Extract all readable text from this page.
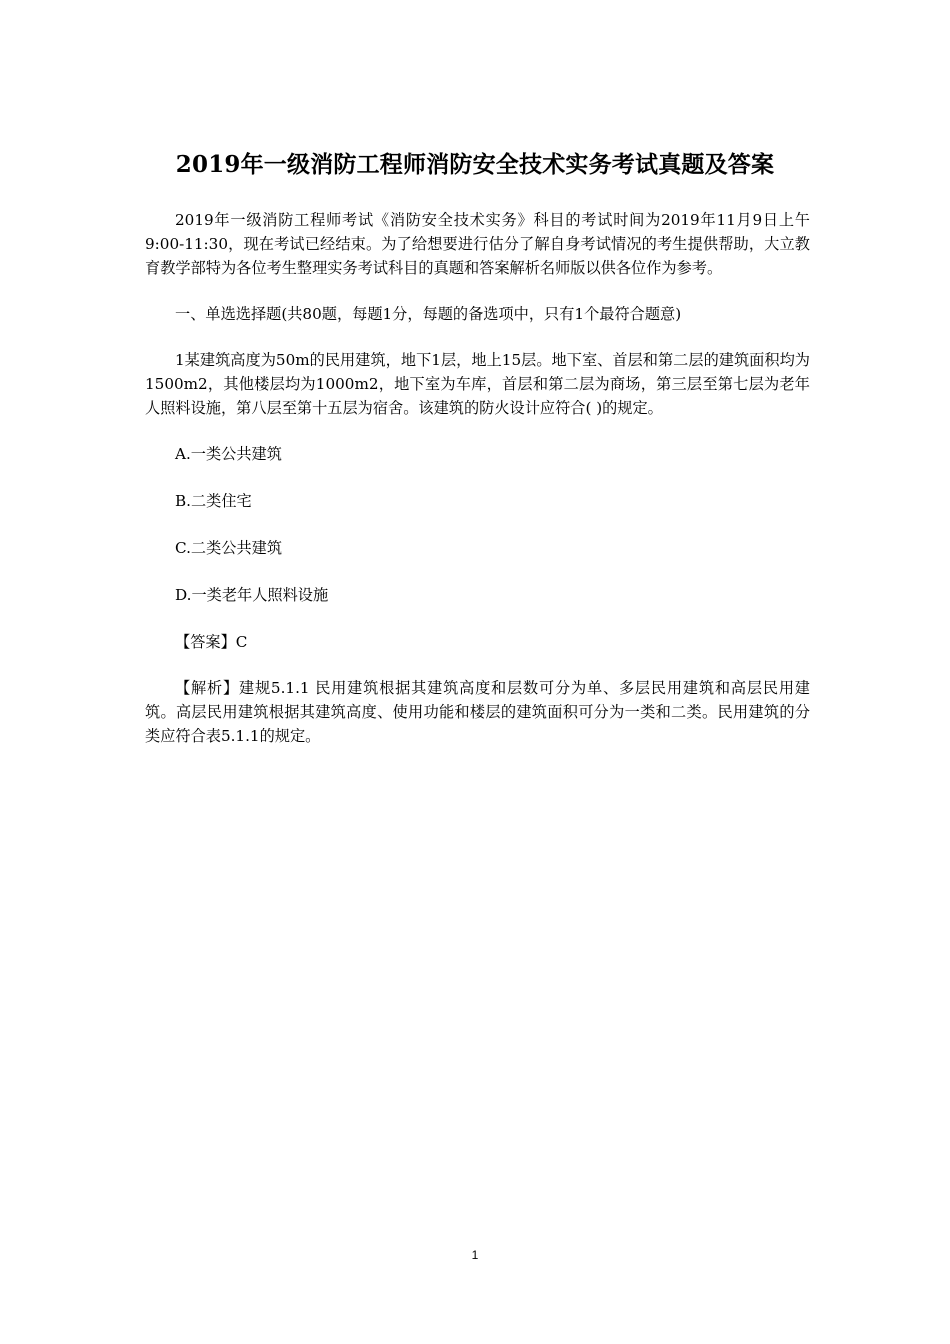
2019年一级消防工程师消防安全技术实务考试真题及答案

2019年一级消防工程师考试《消防安全技术实务》科目的考试时间为2019年11月9日上午9:00-11:30，现在考试已经结束。为了给想要进行估分了解自身考试情况的考生提供帮助，大立教育教学部特为各位考生整理实务考试科目的真题和答案解析名师版以供各位作为参考。

一、单选选择题(共80题，每题1分，每题的备选项中，只有1个最符合题意)

1某建筑高度为50m的民用建筑，地下1层，地上15层。地下室、首层和第二层的建筑面积均为1500m2，其他楼层均为1000m2，地下室为车库，首层和第二层为商场，第三层至第七层为老年人照料设施，第八层至第十五层为宿舍。该建筑的防火设计应符合( )的规定。

A.一类公共建筑
B.二类住宅
C.二类公共建筑
D.一类老年人照料设施
【答案】C

【解析】建规5.1.1 民用建筑根据其建筑高度和层数可分为单、多层民用建筑和高层民用建筑。高层民用建筑根据其建筑高度、使用功能和楼层的建筑面积可分为一类和二类。民用建筑的分类应符合表5.1.1的规定。

1
